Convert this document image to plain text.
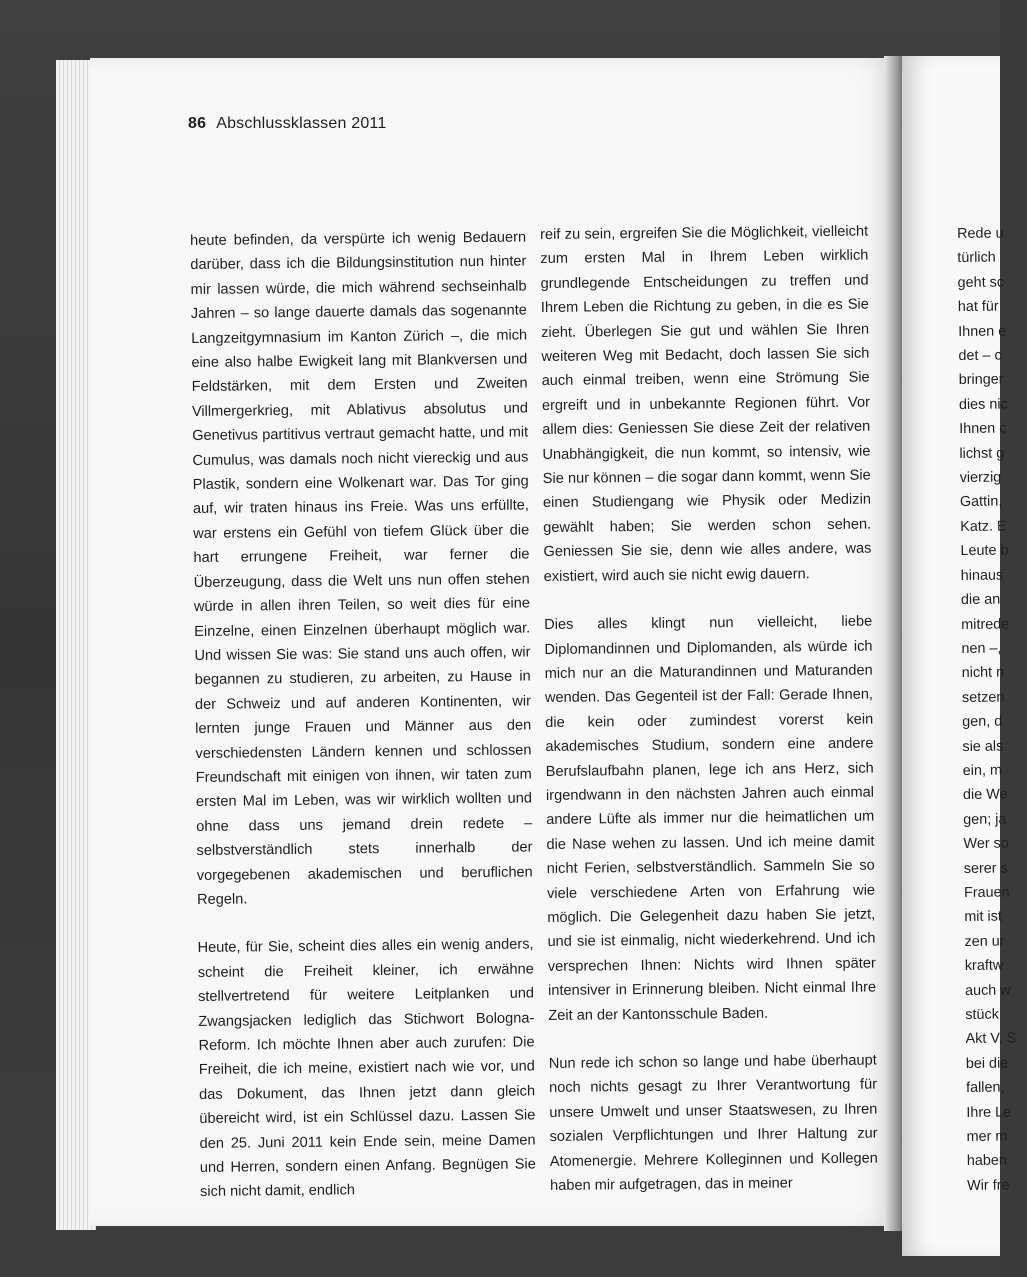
86 Abschlussklassen 2011

heute befinden, da verspürte ich wenig Bedauern darüber, dass ich die Bildungsinstitution nun hinter mir lassen würde, die mich während sechseinhalb Jahren – so lange dauerte damals das sogenannte Langzeitgymnasium im Kanton Zürich –, die mich eine also halbe Ewigkeit lang mit Blankversen und Feldstärken, mit dem Ersten und Zweiten Villmergerkrieg, mit Ablativus absolutus und Genetivus partitivus vertraut gemacht hatte, und mit Cumulus, was damals noch nicht viereckig und aus Plastik, sondern eine Wolkenart war. Das Tor ging auf, wir traten hinaus ins Freie. Was uns erfüllte, war erstens ein Gefühl von tiefem Glück über die hart errungene Freiheit, war ferner die Überzeugung, dass die Welt uns nun offen stehen würde in allen ihren Teilen, so weit dies für eine Einzelne, einen Einzelnen überhaupt möglich war. Und wissen Sie was: Sie stand uns auch offen, wir begannen zu studieren, zu arbeiten, zu Hause in der Schweiz und auf anderen Kontinenten, wir lernten junge Frauen und Männer aus den verschiedensten Ländern kennen und schlossen Freundschaft mit einigen von ihnen, wir taten zum ersten Mal im Leben, was wir wirklich wollten und ohne dass uns jemand drein redete – selbstverständlich stets innerhalb der vorgegebenen akademischen und beruflichen Regeln.

Heute, für Sie, scheint dies alles ein wenig anders, scheint die Freiheit kleiner, ich erwähne stellvertretend für weitere Leitplanken und Zwangsjacken lediglich das Stichwort Bologna-Reform. Ich möchte Ihnen aber auch zurufen: Die Freiheit, die ich meine, existiert nach wie vor, und das Dokument, das Ihnen jetzt dann gleich übereicht wird, ist ein Schlüssel dazu. Lassen Sie den 25. Juni 2011 kein Ende sein, meine Damen und Herren, sondern einen Anfang. Begnügen Sie sich nicht damit, endlich

reif zu sein, ergreifen Sie die Möglichkeit, vielleicht zum ersten Mal in Ihrem Leben wirklich grundlegende Entscheidungen zu treffen und Ihrem Leben die Richtung zu geben, in die es Sie zieht. Überlegen Sie gut und wählen Sie Ihren weiteren Weg mit Bedacht, doch lassen Sie sich auch einmal treiben, wenn eine Strömung Sie ergreift und in unbekannte Regionen führt. Vor allem dies: Geniessen Sie diese Zeit der relativen Unabhängigkeit, die nun kommt, so intensiv, wie Sie nur können – die sogar dann kommt, wenn Sie einen Studiengang wie Physik oder Medizin gewählt haben; Sie werden schon sehen. Geniessen Sie sie, denn wie alles andere, was existiert, wird auch sie nicht ewig dauern.

Dies alles klingt nun vielleicht, liebe Diplomandinnen und Diplomanden, als würde ich mich nur an die Maturandinnen und Maturanden wenden. Das Gegenteil ist der Fall: Gerade Ihnen, die kein oder zumindest vorerst kein akademisches Studium, sondern eine andere Berufslaufbahn planen, lege ich ans Herz, sich irgendwann in den nächsten Jahren auch einmal andere Lüfte als immer nur die heimatlichen um die Nase wehen zu lassen. Und ich meine damit nicht Ferien, selbstverständlich. Sammeln Sie so viele verschiedene Arten von Erfahrung wie möglich. Die Gelegenheit dazu haben Sie jetzt, und sie ist einmalig, nicht wiederkehrend. Und ich versprechen Ihnen: Nichts wird Ihnen später intensiver in Erinnerung bleiben. Nicht einmal Ihre Zeit an der Kantonsschule Baden.

Nun rede ich schon so lange und habe überhaupt noch nichts gesagt zu Ihrer Verantwortung für unsere Umwelt und unser Staatswesen, zu Ihren sozialen Verpflichtungen und Ihrer Haltung zur Atomenergie. Mehrere Kolleginnen und Kollegen haben mir aufgetragen, das in meiner

Rede u
türlich
geht sc
hat für
Ihnen e
det – c
bringer
dies nic
Ihnen c
lichst g
vierzig
Gattin,
Katz. E
Leute b
hinaus
die an
mitrede
nen –,
nicht n
setzen
gen, d
sie als
ein, m
die We
gen; ja
Wer so
serer s
Frauen
mit ist
zen ur
kraftw
auch w
stück
Akt V, S
bei die
fallen,
Ihre Le
mer m
haben
Wir fre
